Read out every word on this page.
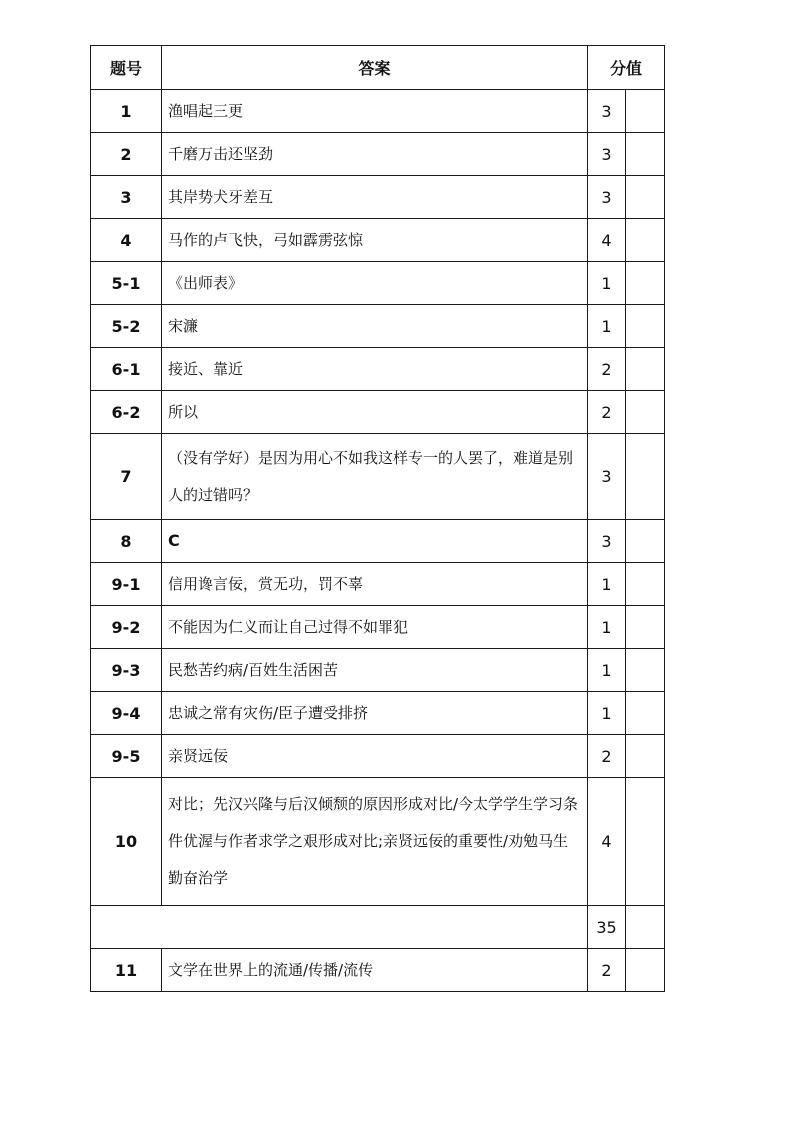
题号	答案	分值	
1	渔唱起三更	3	
2	千磨万击还坚劲	3	
3	其岸势犬牙差互	3	
4	马作的卢飞快，弓如霹雳弦惊	4	
5-1	《出师表》	1	
5-2	宋濂	1	
6-1	接近、靠近	2	
6-2	所以	2	
7	（没有学好）是因为用心不如我这样专一的人罢了，难道是别人的过错吗？	3	
8	C	3	
9-1	信用谗言佞，赏无功，罚不辜	1	
9-2	不能因为仁义而让自己过得不如罪犯	1	
9-3	民愁苦约病/百姓生活困苦	1	
9-4	忠诚之常有灾伤/臣子遭受排挤	1	
9-5	亲贤远佞	2	
10	对比；先汉兴隆与后汉倾颓的原因形成对比/今太学学生学习条件优渥与作者求学之艰形成对比;亲贤远佞的重要性/劝勉马生勤奋治学	4	
		35	
11	文学在世界上的流通/传播/流传	2	
